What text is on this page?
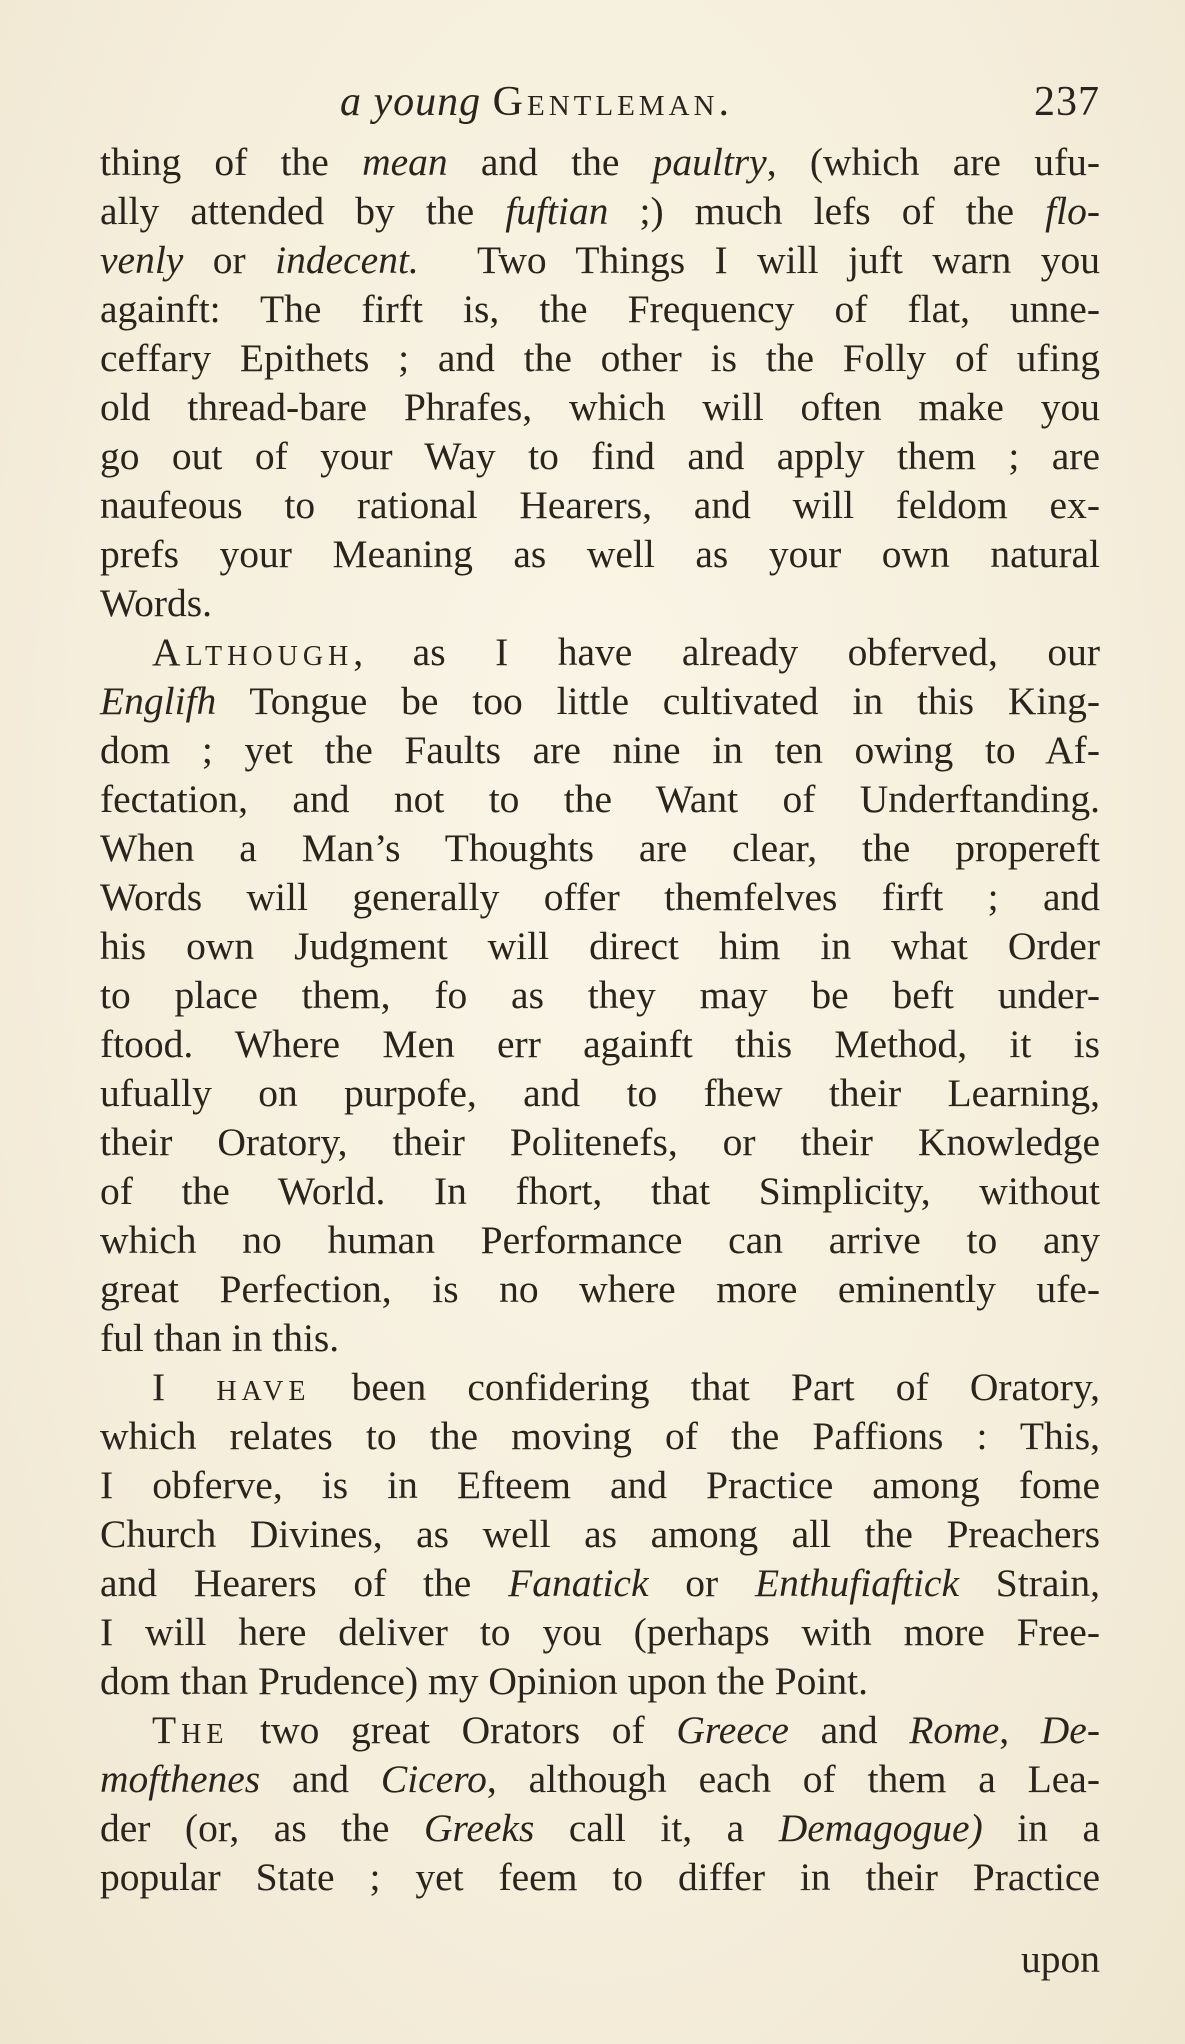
a young Gentleman.	237

thing of the mean and the paultry, (which are ufu-

ally attended by the fuftian ;) much lefs of the flo-

venly or indecent.  Two Things I will juft warn you

againft: The firft is, the Frequency of flat, unne-

ceffary Epithets ; and the other is the Folly of ufing

old thread-bare Phrafes, which will often make you

go out of your Way to find and apply them ; are

naufeous to rational Hearers, and will feldom ex-

prefs your Meaning as well as your own natural

Words.

Although, as I have already obferved, our

Englifh Tongue be too little cultivated in this King-

dom ; yet the Faults are nine in ten owing to Af-

fectation, and not to the Want of Underftanding.

When a Man’s Thoughts are clear, the propereft

Words will generally offer themfelves firft ; and

his own Judgment will direct him in what Order

to place them, fo as they may be beft under-

ftood. Where Men err againft this Method, it is

ufually on purpofe, and to fhew their Learning,

their Oratory, their Politenefs, or their Knowledge

of the World. In fhort, that Simplicity, without

which no human Performance can arrive to any

great Perfection, is no where more eminently ufe-

ful than in this.

I have been confidering that Part of Oratory,

which relates to the moving of the Paffions : This,

I obferve, is in Efteem and Practice among fome

Church Divines, as well as among all the Preachers

and Hearers of the Fanatick or Enthufiaftick Strain,

I will here deliver to you (perhaps with more Free-

dom than Prudence) my Opinion upon the Point.

The two great Orators of Greece and Rome, De-

mofthenes and Cicero, although each of them a Lea-

der (or, as the Greeks call it, a Demagogue) in a

popular State ; yet feem to differ in their Practice

upon
